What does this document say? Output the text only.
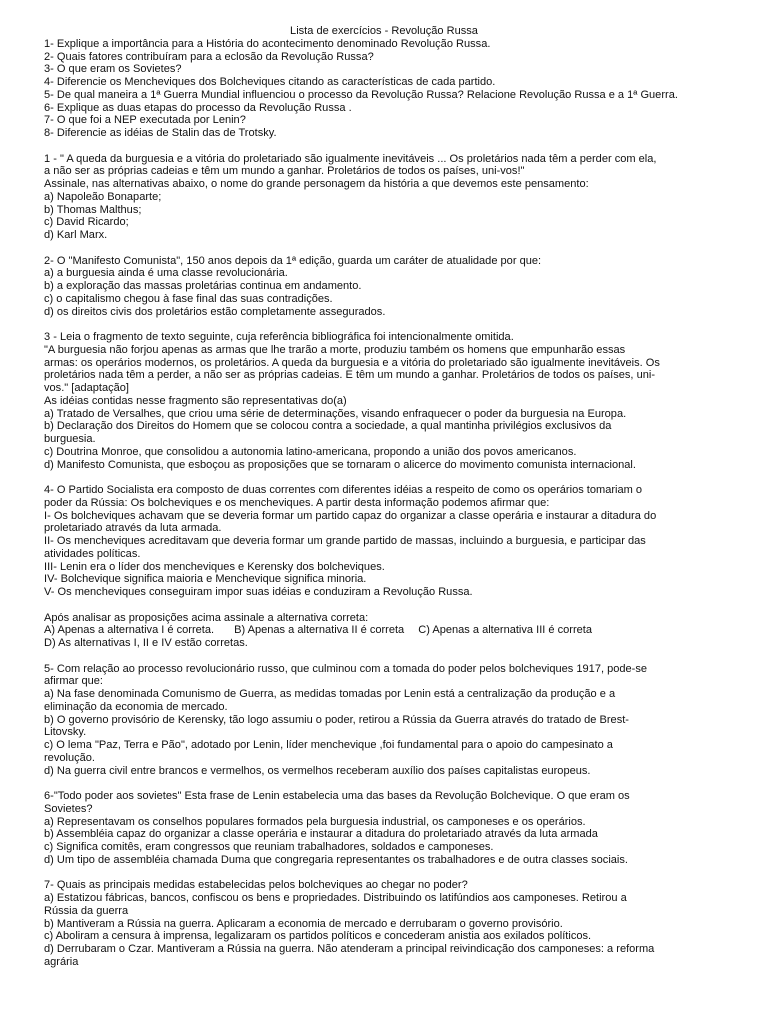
Lista de exercícios - Revolução Russa
1- Explique a importância para a História do acontecimento denominado Revolução Russa.
2- Quais fatores contribuíram para a eclosão da Revolução Russa?
3- O que eram os Sovietes?
4- Diferencie os Mencheviques dos Bolcheviques citando as características de cada partido.
5- De qual maneira a 1ª Guerra Mundial influenciou o processo da Revolução Russa? Relacione Revolução Russa e a 1ª Guerra.
6- Explique as duas etapas do processo da Revolução Russa .
7- O que foi a NEP executada por Lenin?
8- Diferencie as idéias de Stalin das de Trotsky.
1 - " A queda da burguesia e a vitória do proletariado são igualmente inevitáveis ... Os proletários nada têm a perder com ela,
a não ser as próprias cadeias e têm um mundo a ganhar. Proletários de todos os países, uni-vos!"
Assinale, nas alternativas abaixo, o nome do grande personagem da história a que devemos este pensamento:
a) Napoleão Bonaparte;
b) Thomas Malthus;
c) David Ricardo;
d) Karl Marx.
2- O "Manifesto Comunista", 150 anos depois da 1ª edição, guarda um caráter de atualidade por que:
a) a burguesia ainda é uma classe revolucionária.
b) a exploração das massas proletárias continua em andamento.
c) o capitalismo chegou à fase final das suas contradições.
d) os direitos civis dos proletários estão completamente assegurados.
3 - Leia o fragmento de texto seguinte, cuja referência bibliográfica foi intencionalmente omitida.
"A burguesia não forjou apenas as armas que lhe trarão a morte, produziu também os homens que empunharão essas
armas: os operários modernos, os proletários. A queda da burguesia e a vitória do proletariado são igualmente inevitáveis. Os
proletários nada têm a perder, a não ser as próprias cadeias. E têm um mundo a ganhar. Proletários de todos os países, uni-
vos." [adaptação]
As idéias contidas nesse fragmento são representativas do(a)
a) Tratado de Versalhes, que criou uma série de determinações, visando enfraquecer o poder da burguesia na Europa.
b) Declaração dos Direitos do Homem que se colocou contra a sociedade, a qual mantinha privilégios exclusivos da
burguesia.
c) Doutrina Monroe, que consolidou a autonomia latino-americana, propondo a união dos povos americanos.
d) Manifesto Comunista, que esboçou as proposições que se tornaram o alicerce do movimento comunista internacional.
4- O Partido Socialista era composto de duas correntes com diferentes idéias a respeito de como os operários tomariam o
poder da Rússia: Os bolcheviques e os mencheviques. A partir desta informação podemos afirmar que:
I- Os bolcheviques achavam que se deveria formar um partido capaz do organizar a classe operária e instaurar a ditadura do
proletariado através da luta armada.
II- Os mencheviques acreditavam que deveria formar um grande partido de massas, incluindo a burguesia, e participar das
atividades políticas.
III- Lenin era o líder dos mencheviques e Kerensky dos bolcheviques.
IV- Bolchevique significa maioria e Menchevique significa minoria.
V- Os mencheviques conseguiram impor suas idéias e conduziram a Revolução Russa.
Após analisar as proposições acima assinale a alternativa correta:
A) Apenas a alternativa I é correta. B) Apenas a alternativa II é correta C) Apenas a alternativa III é correta
D) As alternativas I, II e IV estão corretas.
5- Com relação ao processo revolucionário russo, que culminou com a tomada do poder pelos bolcheviques 1917, pode-se
afirmar que:
a) Na fase denominada Comunismo de Guerra, as medidas tomadas por Lenin está a centralização da produção e a
eliminação da economia de mercado.
b) O governo provisório de Kerensky, tão logo assumiu o poder, retirou a Rússia da Guerra através do tratado de Brest-
Litovsky.
c) O lema "Paz, Terra e Pão", adotado por Lenin, líder menchevique ,foi fundamental para o apoio do campesinato a
revolução.
d) Na guerra civil entre brancos e vermelhos, os vermelhos receberam auxílio dos países capitalistas europeus.
6-"Todo poder aos sovietes" Esta frase de Lenin estabelecia uma das bases da Revolução Bolchevique. O que eram os
Sovietes?
a) Representavam os conselhos populares formados pela burguesia industrial, os camponeses e os operários.
b) Assembléia capaz do organizar a classe operária e instaurar a ditadura do proletariado através da luta armada
c) Significa comitês, eram congressos que reuniam trabalhadores, soldados e camponeses.
d) Um tipo de assembléia chamada Duma que congregaria representantes os trabalhadores e de outra classes sociais.
7- Quais as principais medidas estabelecidas pelos bolcheviques ao chegar no poder?
a) Estatizou fábricas, bancos, confiscou os bens e propriedades. Distribuindo os latifúndios aos camponeses. Retirou a
Rússia da guerra
b) Mantiveram a Rússia na guerra. Aplicaram a economia de mercado e derrubaram o governo provisório.
c) Aboliram a censura à imprensa, legalizaram os partidos políticos e concederam anistia aos exilados políticos.
d) Derrubaram o Czar. Mantiveram a Rússia na guerra. Não atenderam a principal reivindicação dos camponeses: a reforma
agrária
